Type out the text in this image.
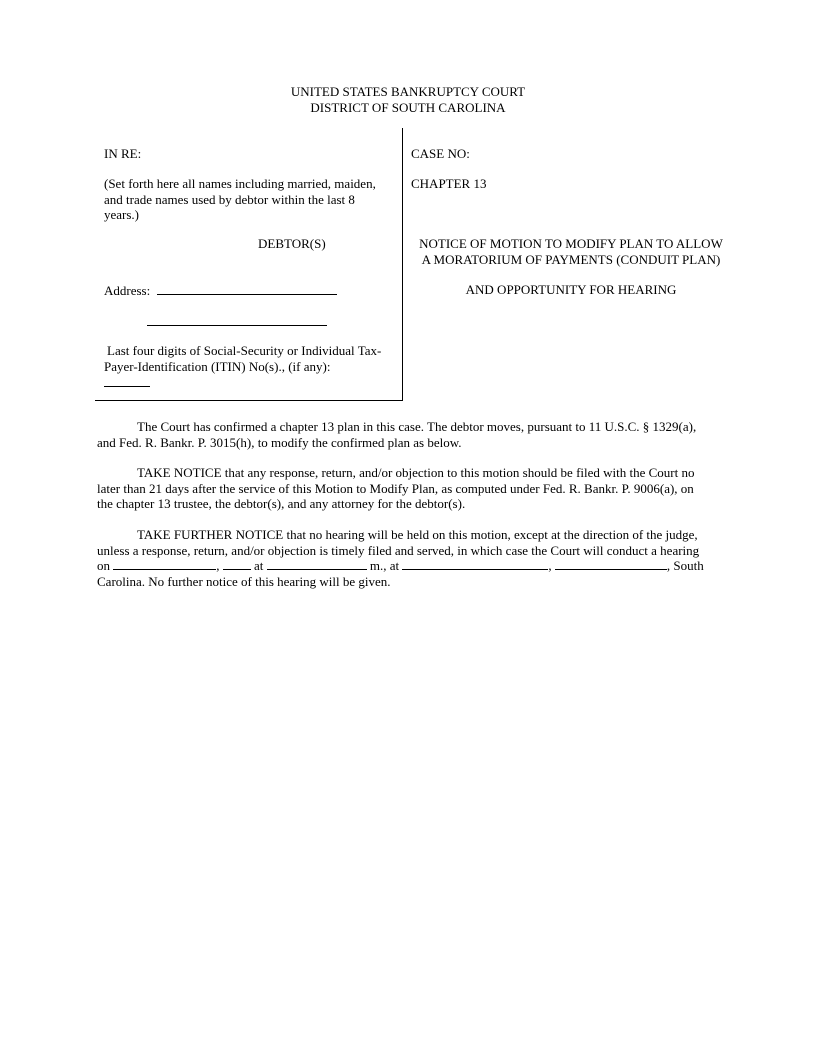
UNITED STATES BANKRUPTCY COURT
DISTRICT OF SOUTH CAROLINA
IN RE:
(Set forth here all names including married, maiden,
and trade names used by debtor within the last 8
years.)
DEBTOR(S)
Address:
Last four digits of Social-Security or Individual Tax-
Payer-Identification (ITIN) No(s)., (if any):
CASE NO:
CHAPTER 13
NOTICE OF MOTION TO MODIFY PLAN TO ALLOW
A MORATORIUM OF PAYMENTS (CONDUIT PLAN)
AND OPPORTUNITY FOR HEARING
The Court has confirmed a chapter 13 plan in this case. The debtor moves, pursuant to 11 U.S.C. § 1329(a),
and Fed. R. Bankr. P. 3015(h), to modify the confirmed plan as below.
TAKE NOTICE that any response, return, and/or objection to this motion should be filed with the Court no
later than 21 days after the service of this Motion to Modify Plan, as computed under Fed. R. Bankr. P. 9006(a), on
the chapter 13 trustee, the debtor(s), and any attorney for the debtor(s).
TAKE FURTHER NOTICE that no hearing will be held on this motion, except at the direction of the judge,
unless a response, return, and/or objection is timely filed and served, in which case the Court will conduct a hearing
on	,	at	m., at	,	, South
Carolina. No further notice of this hearing will be given.
